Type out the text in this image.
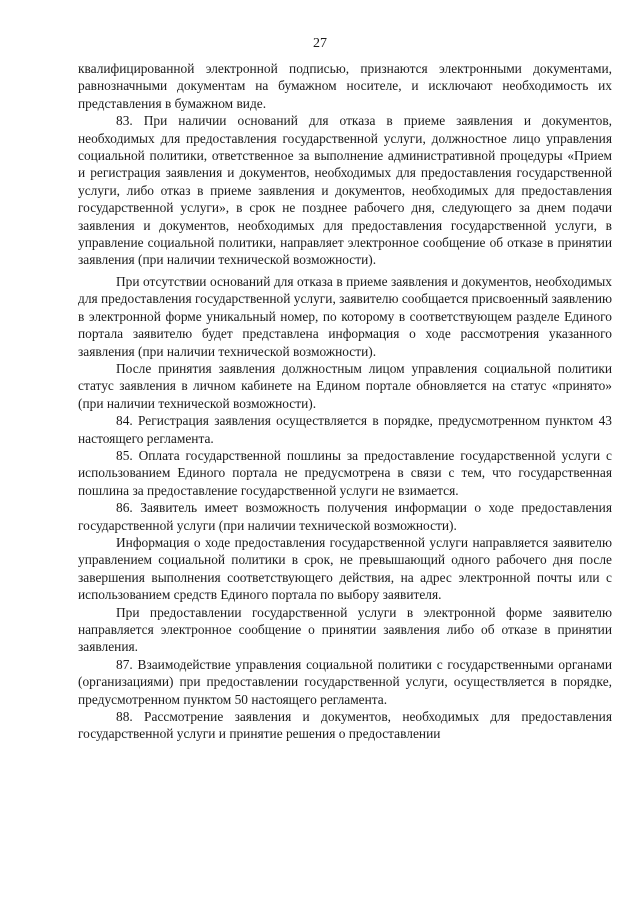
27

квалифицированной электронной подписью, признаются электронными документами, равнозначными документам на бумажном носителе, и исключают необходимость их представления в бумажном виде.

83. При наличии оснований для отказа в приеме заявления и документов, необходимых для предоставления государственной услуги, должностное лицо управления социальной политики, ответственное за выполнение административной процедуры «Прием и регистрация заявления и документов, необходимых для предоставления государственной услуги, либо отказ в приеме заявления и документов, необходимых для предоставления государственной услуги», в срок не позднее рабочего дня, следующего за днем подачи заявления и документов, необходимых для предоставления государственной услуги, в управление социальной политики, направляет электронное сообщение об отказе в принятии заявления (при наличии технической возможности).

При отсутствии оснований для отказа в приеме заявления и документов, необходимых для предоставления государственной услуги, заявителю сообщается присвоенный заявлению в электронной форме уникальный номер, по которому в соответствующем разделе Единого портала заявителю будет представлена информация о ходе рассмотрения указанного заявления (при наличии технической возможности).

После принятия заявления должностным лицом управления социальной политики статус заявления в личном кабинете на Едином портале обновляется на статус «принято» (при наличии технической возможности).

84. Регистрация заявления осуществляется в порядке, предусмотренном пунктом 43 настоящего регламента.

85. Оплата государственной пошлины за предоставление государственной услуги с использованием Единого портала не предусмотрена в связи с тем, что государственная пошлина за предоставление государственной услуги не взимается.

86. Заявитель имеет возможность получения информации о ходе предоставления государственной услуги (при наличии технической возможности).

Информация о ходе предоставления государственной услуги направляется заявителю управлением социальной политики в срок, не превышающий одного рабочего дня после завершения выполнения соответствующего действия, на адрес электронной почты или с использованием средств Единого портала по выбору заявителя.

При предоставлении государственной услуги в электронной форме заявителю направляется электронное сообщение о принятии заявления либо об отказе в принятии заявления.

87. Взаимодействие управления социальной политики с государственными органами (организациями) при предоставлении государственной услуги, осуществляется в порядке, предусмотренном пунктом 50 настоящего регламента.

88. Рассмотрение заявления и документов, необходимых для предоставления государственной услуги и принятие решения о предоставлении
